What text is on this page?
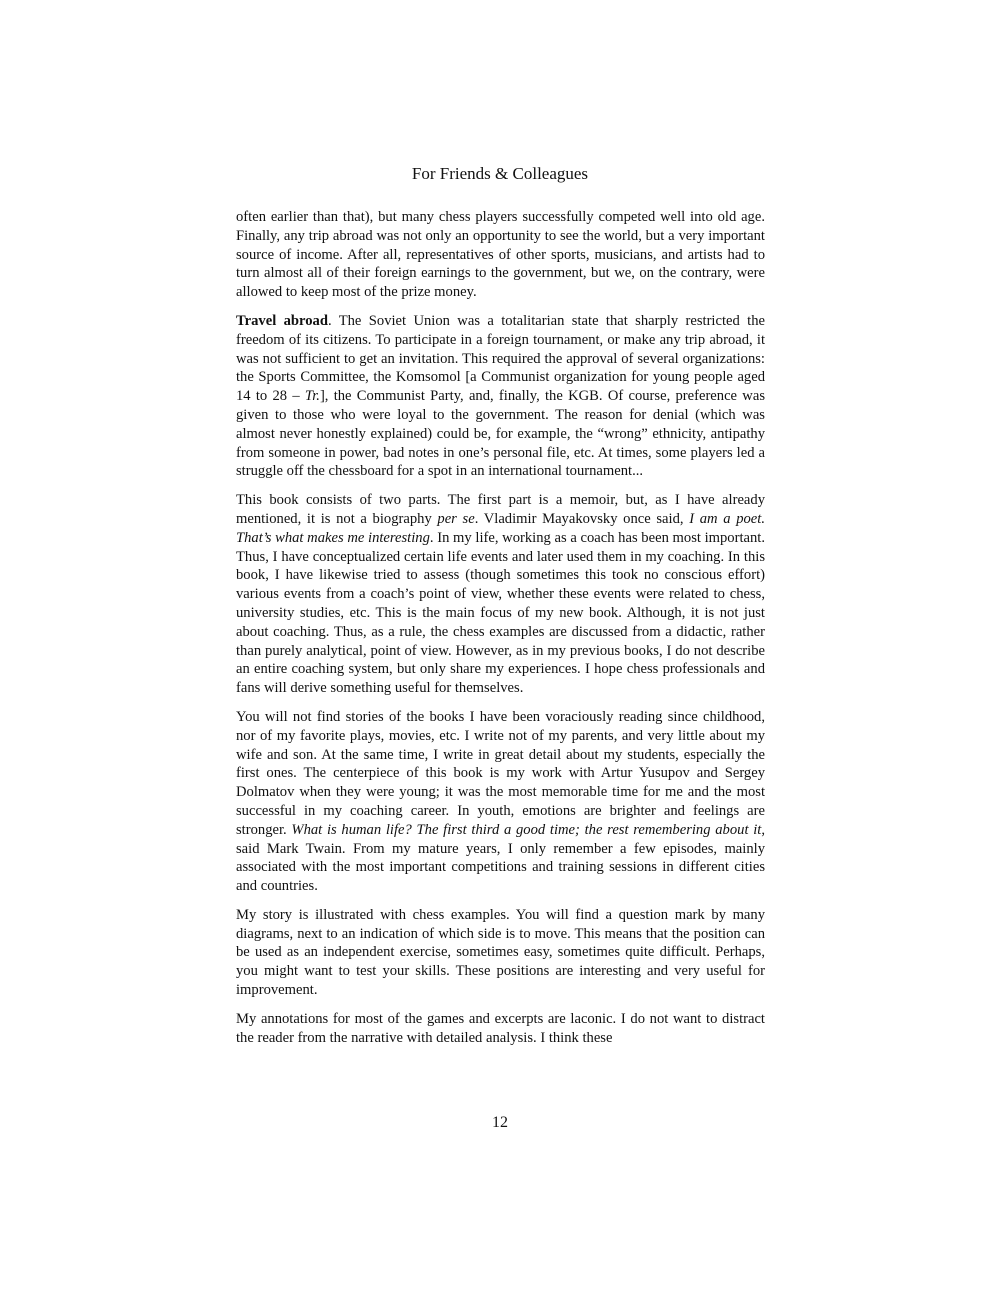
For Friends & Colleagues

often earlier than that), but many chess players successfully competed well into old age. Finally, any trip abroad was not only an opportunity to see the world, but a very important source of income. After all, representatives of other sports, musicians, and artists had to turn almost all of their foreign earnings to the government, but we, on the contrary, were allowed to keep most of the prize money.

Travel abroad. The Soviet Union was a totalitarian state that sharply restricted the freedom of its citizens. To participate in a foreign tournament, or make any trip abroad, it was not sufficient to get an invitation. This required the approval of several organizations: the Sports Committee, the Komsomol [a Communist organization for young people aged 14 to 28 – Tr.], the Communist Party, and, finally, the KGB. Of course, preference was given to those who were loyal to the government. The reason for denial (which was almost never honestly explained) could be, for example, the “wrong” ethnicity, antipathy from someone in power, bad notes in one’s personal file, etc. At times, some players led a struggle off the chessboard for a spot in an international tournament...

This book consists of two parts. The first part is a memoir, but, as I have already mentioned, it is not a biography per se. Vladimir Mayakovsky once said, I am a poet. That’s what makes me interesting. In my life, working as a coach has been most important. Thus, I have conceptualized certain life events and later used them in my coaching. In this book, I have likewise tried to assess (though sometimes this took no conscious effort) various events from a coach’s point of view, whether these events were related to chess, university studies, etc. This is the main focus of my new book. Although, it is not just about coaching. Thus, as a rule, the chess examples are discussed from a didactic, rather than purely analytical, point of view. However, as in my previous books, I do not describe an entire coaching system, but only share my experiences. I hope chess professionals and fans will derive something useful for themselves.

You will not find stories of the books I have been voraciously reading since childhood, nor of my favorite plays, movies, etc. I write not of my parents, and very little about my wife and son. At the same time, I write in great detail about my students, especially the first ones. The centerpiece of this book is my work with Artur Yusupov and Sergey Dolmatov when they were young; it was the most memorable time for me and the most successful in my coaching career. In youth, emotions are brighter and feelings are stronger. What is human life? The first third a good time; the rest remembering about it, said Mark Twain. From my mature years, I only remember a few episodes, mainly associated with the most important competitions and training sessions in different cities and countries.

My story is illustrated with chess examples. You will find a question mark by many diagrams, next to an indication of which side is to move. This means that the position can be used as an independent exercise, sometimes easy, sometimes quite difficult. Perhaps, you might want to test your skills. These positions are interesting and very useful for improvement.

My annotations for most of the games and excerpts are laconic. I do not want to distract the reader from the narrative with detailed analysis. I think these

12
